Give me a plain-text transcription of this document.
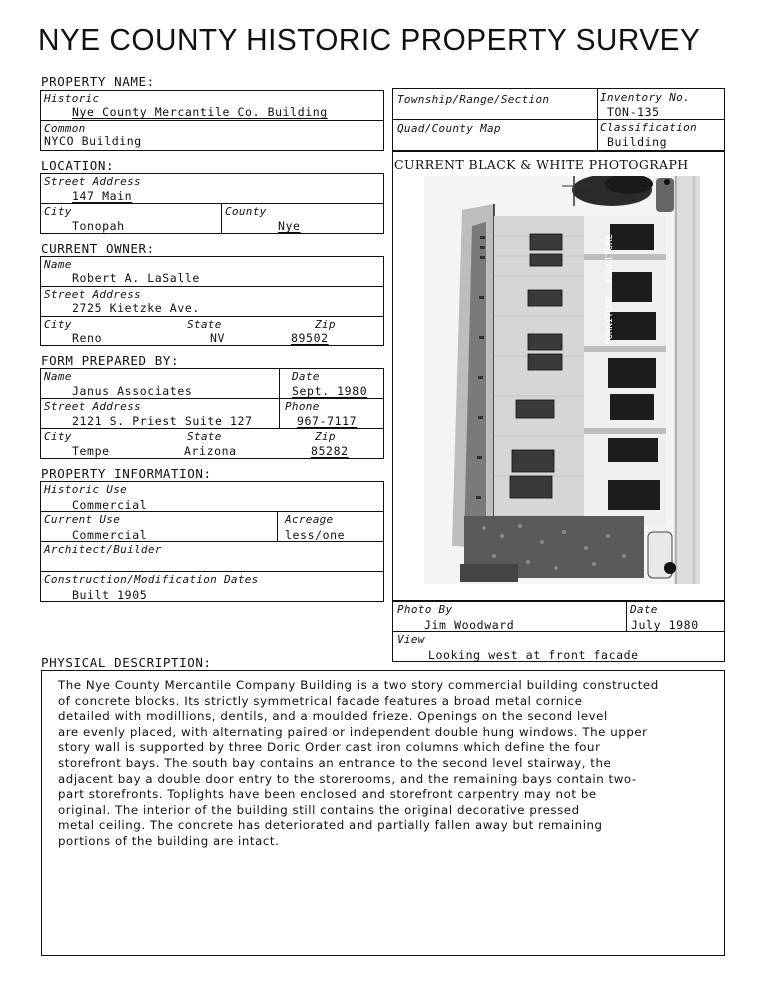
NYE COUNTY HISTORIC PROPERTY SURVEY
PROPERTY NAME:
Historic
Nye County Mercantile Co. Building
Common
NYCO Building
LOCATION:
Street Address
147 Main
City
Tonopah
County
Nye
CURRENT OWNER:
Name
Robert A. LaSalle
Street Address
2725 Kietzke Ave.
City
Reno
State
NV
Zip
89502
FORM PREPARED BY:
Name
Janus Associates
Date
Sept. 1980
Street Address
2121 S. Priest Suite 127
Phone
967-7117
City
Tempe
State
Arizona
Zip
85282
PROPERTY INFORMATION:
Historic Use
Commercial
Current Use
Commercial
Acreage
less/one
Architect/Builder
Construction/Modification Dates
Built 1905
Township/Range/Section	Inventory No.
TON-135
Quad/County Map	Classification
Building
CURRENT BLACK & WHITE PHOTOGRAPH
FURNITURE
FURNITURE
Photo By
Jim Woodward
Date
July 1980
View
Looking west at front facade
PHYSICAL DESCRIPTION:
The Nye County Mercantile Company Building is a two story commercial building constructed
of concrete blocks. Its strictly symmetrical facade features a broad metal cornice
detailed with modillions, dentils, and a moulded frieze. Openings on the second level
are evenly placed, with alternating paired or independent double hung windows. The upper
story wall is supported by three Doric Order cast iron columns which define the four
storefront bays. The south bay contains an entrance to the second level stairway, the
adjacent bay a double door entry to the storerooms, and the remaining bays contain two-
part storefronts. Toplights have been enclosed and storefront carpentry may not be
original. The interior of the building still contains the original decorative pressed
metal ceiling. The concrete has deteriorated and partially fallen away but remaining
portions of the building are intact.
